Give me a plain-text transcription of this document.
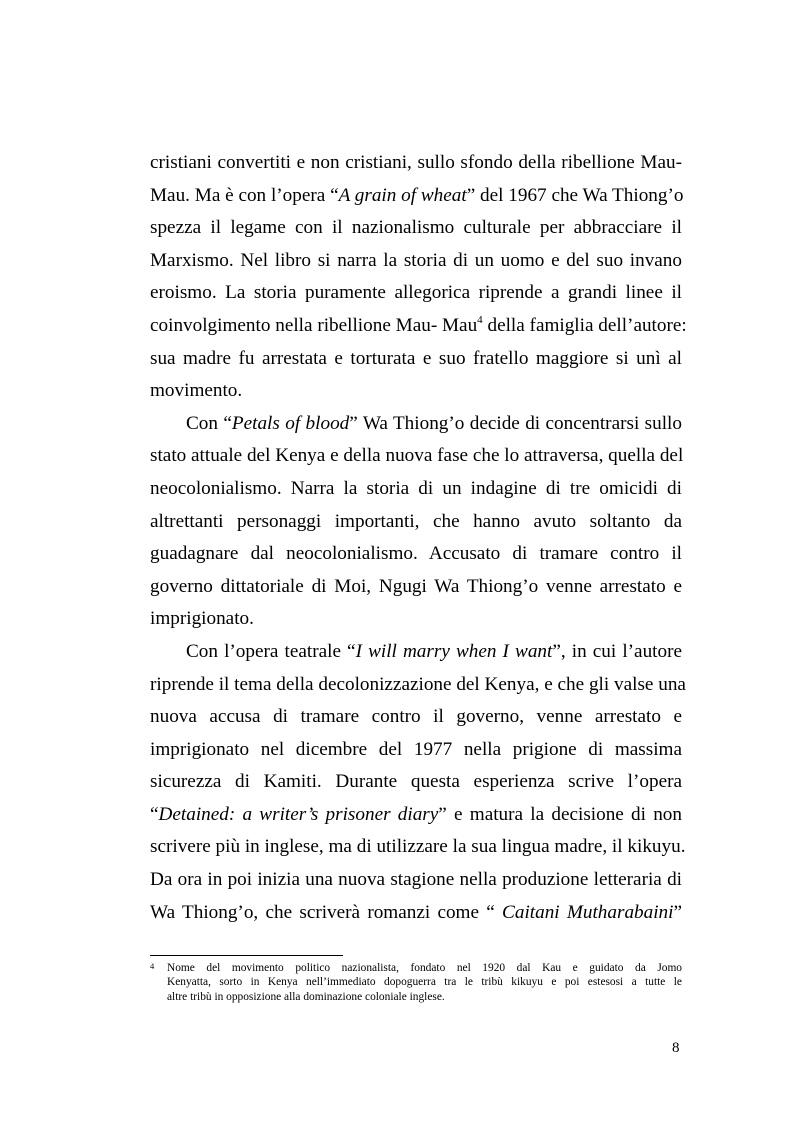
cristiani convertiti e non cristiani, sullo sfondo della ribellione Mau-
Mau. Ma è con l’opera “A grain of wheat” del 1967 che Wa Thiong’o
spezza il legame con il nazionalismo culturale per abbracciare il
Marxismo. Nel libro si narra la storia di un uomo e del suo invano
eroismo. La storia puramente allegorica riprende a grandi linee il
coinvolgimento nella ribellione Mau- Mau$^4$ della famiglia dell’autore:
sua madre fu arrestata e torturata e suo fratello maggiore si unì al
movimento.
Con “Petals of blood” Wa Thiong’o decide di concentrarsi sullo
stato attuale del Kenya e della nuova fase che lo attraversa, quella del
neocolonialismo. Narra la storia di un indagine di tre omicidi di
altrettanti personaggi importanti, che hanno avuto soltanto da
guadagnare dal neocolonialismo. Accusato di tramare contro il
governo dittatoriale di Moi, Ngugi Wa Thiong’o venne arrestato e
imprigionato.
Con l’opera teatrale “I will marry when I want”, in cui l’autore
riprende il tema della decolonizzazione del Kenya, e che gli valse una
nuova accusa di tramare contro il governo, venne arrestato e
imprigionato nel dicembre del 1977 nella prigione di massima
sicurezza di Kamiti. Durante questa esperienza scrive l’opera
“Detained: a writer’s prisoner diary” e matura la decisione di non
scrivere più in inglese, ma di utilizzare la sua lingua madre, il kikuyu.
Da ora in poi inizia una nuova stagione nella produzione letteraria di
Wa Thiong’o, che scriverà romanzi come “ Caitani Mutharabaini”
4	Nome del movimento politico nazionalista, fondato nel 1920 dal Kau e guidato da Jomo
Kenyatta, sorto in Kenya nell’immediato dopoguerra tra le tribù kikuyu e poi estesosi a tutte le
altre tribù in opposizione alla dominazione coloniale inglese.
8
